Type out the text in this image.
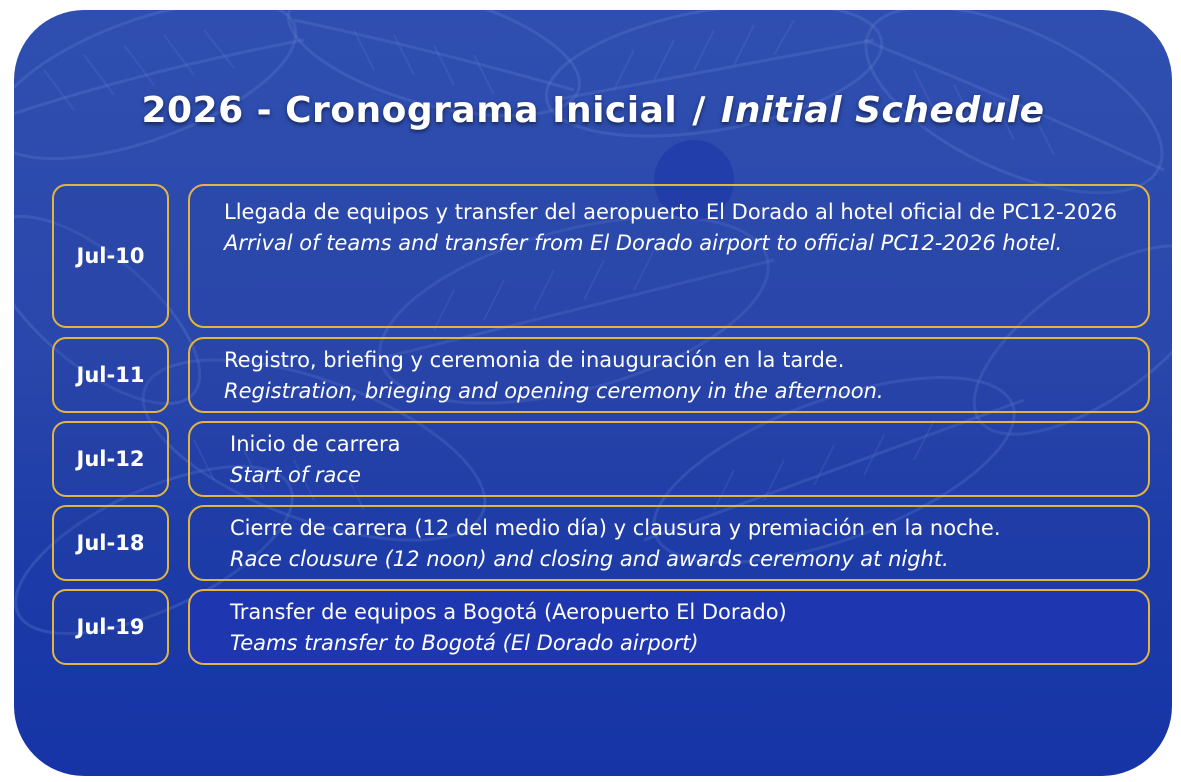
2026 - Cronograma Inicial / Initial Schedule
Jul-10
Llegada de equipos y transfer del aeropuerto El Dorado al hotel oficial de PC12-2026
Arrival of teams and transfer from El Dorado airport to official PC12-2026 hotel.
Jul-11
Registro, briefing y ceremonia de inauguración en la tarde.
Registration, brieging and opening ceremony in the afternoon.
Jul-12
Inicio de carrera
Start of race
Jul-18
Cierre de carrera (12 del medio día) y clausura y premiación en la noche.
Race clousure (12 noon) and closing and awards ceremony at night.
Jul-19
Transfer de equipos a Bogotá (Aeropuerto El Dorado)
Teams transfer to Bogotá (El Dorado airport)
